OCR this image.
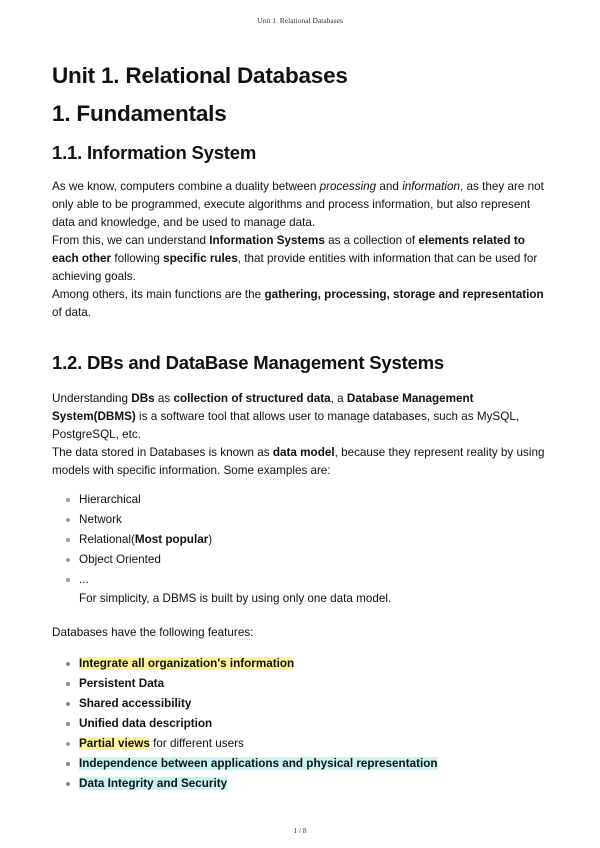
Unit 1. Relational Databases
Unit 1. Relational Databases
1. Fundamentals
1.1. Information System

As we know, computers combine a duality between processing and information, as they are not only able to be programmed, execute algorithms and process information, but also represent data and knowledge, and be used to manage data.

From this, we can understand Information Systems as a collection of elements related to each other following specific rules, that provide entities with information that can be used for achieving goals.

Among others, its main functions are the gathering, processing, storage and representation of data.

1.2. DBs and DataBase Management Systems

Understanding DBs as collection of structured data, a Database Management System(DBMS) is a software tool that allows user to manage databases, such as MySQL, PostgreSQL, etc.

The data stored in Databases is known as data model, because they represent reality by using models with specific information. Some examples are:

Hierarchical
Network
Relational(Most popular)
Object Oriented
...
For simplicity, a DBMS is built by using only one data model.

Databases have the following features:

Integrate all organization's information
Persistent Data
Shared accessibility
Unified data description
Partial views for different users
Independence between applications and physical representation
Data Integrity and Security
1 / 8
